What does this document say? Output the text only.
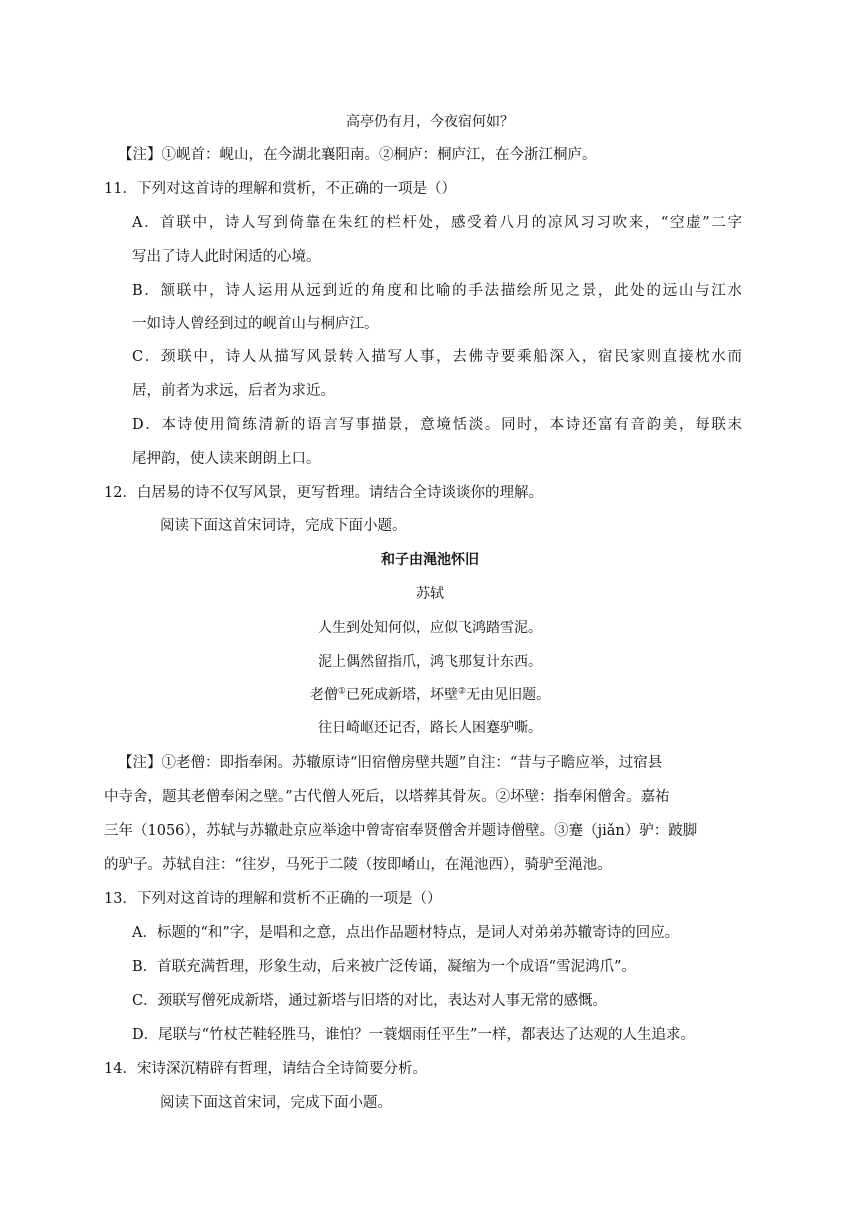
高亭仍有月，今夜宿何如？
【注】①岘首：岘山，在今湖北襄阳南。②桐庐：桐庐江，在今浙江桐庐。
11．下列对这首诗的理解和赏析，不正确的一项是（）
A．首联中，诗人写到倚靠在朱红的栏杆处，感受着八月的凉风习习吹来，“空虚”二字
写出了诗人此时闲适的心境。
B．颔联中，诗人运用从远到近的角度和比喻的手法描绘所见之景，此处的远山与江水
一如诗人曾经到过的岘首山与桐庐江。
C．颈联中，诗人从描写风景转入描写人事，去佛寺要乘船深入，宿民家则直接枕水而
居，前者为求远，后者为求近。
D．本诗使用简练清新的语言写事描景，意境恬淡。同时，本诗还富有音韵美，每联末
尾押韵，使人读来朗朗上口。
12．白居易的诗不仅写风景，更写哲理。请结合全诗谈谈你的理解。
阅读下面这首宋词诗，完成下面小题。
和子由渑池怀旧
苏轼
人生到处知何似，应似飞鸿踏雪泥。
泥上偶然留指爪，鸿飞那复计东西。
老僧①已死成新塔，坏壁②无由见旧题。
往日崎岖还记否，路长人困蹇驴嘶。
【注】①老僧：即指奉闲。苏辙原诗“旧宿僧房壁共题”自注：“昔与子瞻应举，过宿县
中寺舍，题其老僧奉闲之壁。”古代僧人死后，以塔葬其骨灰。②坏壁：指奉闲僧舍。嘉祐
三年（1056），苏轼与苏辙赴京应举途中曾寄宿奉贤僧舍并题诗僧壁。③蹇（jiǎn）驴：跛脚
的驴子。苏轼自注：“往岁，马死于二陵（按即崤山，在渑池西），骑驴至渑池。
13．下列对这首诗的理解和赏析不正确的一项是（）
A．标题的“和”字，是唱和之意，点出作品题材特点，是词人对弟弟苏辙寄诗的回应。
B．首联充满哲理，形象生动，后来被广泛传诵，凝缩为一个成语“雪泥鸿爪”。
C．颈联写僧死成新塔，通过新塔与旧塔的对比，表达对人事无常的感慨。
D．尾联与“竹杖芒鞋轻胜马，谁怕？一蓑烟雨任平生”一样，都表达了达观的人生追求。
14．宋诗深沉精辟有哲理，请结合全诗简要分析。
阅读下面这首宋词，完成下面小题。
